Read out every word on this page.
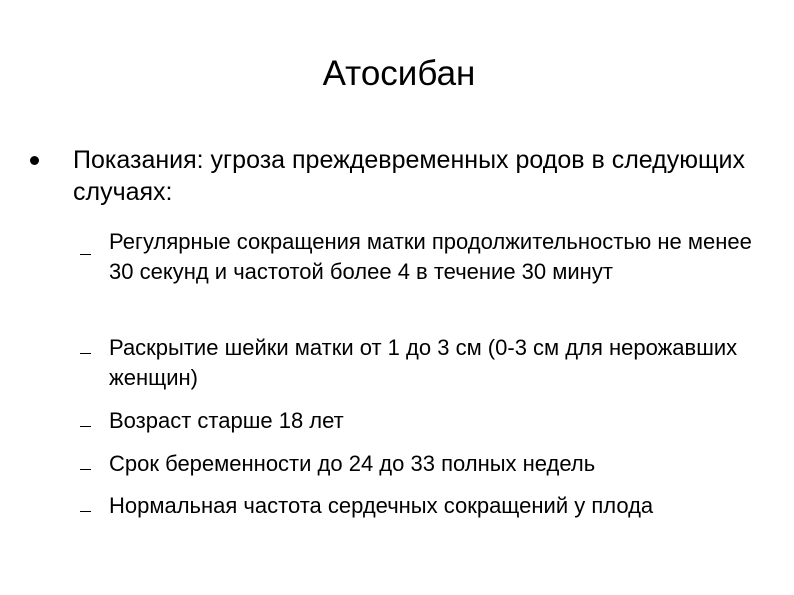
Атосибан
Показания: угроза преждевременных родов в следующих случаях:
Регулярные сокращения матки продолжительностью не менее 30 секунд и частотой более 4 в течение 30 минут
Раскрытие шейки матки от 1 до 3 см (0-3 см для нерожавших женщин)
Возраст старше 18 лет
Срок беременности до 24 до 33 полных недель
Нормальная частота сердечных сокращений у плода
